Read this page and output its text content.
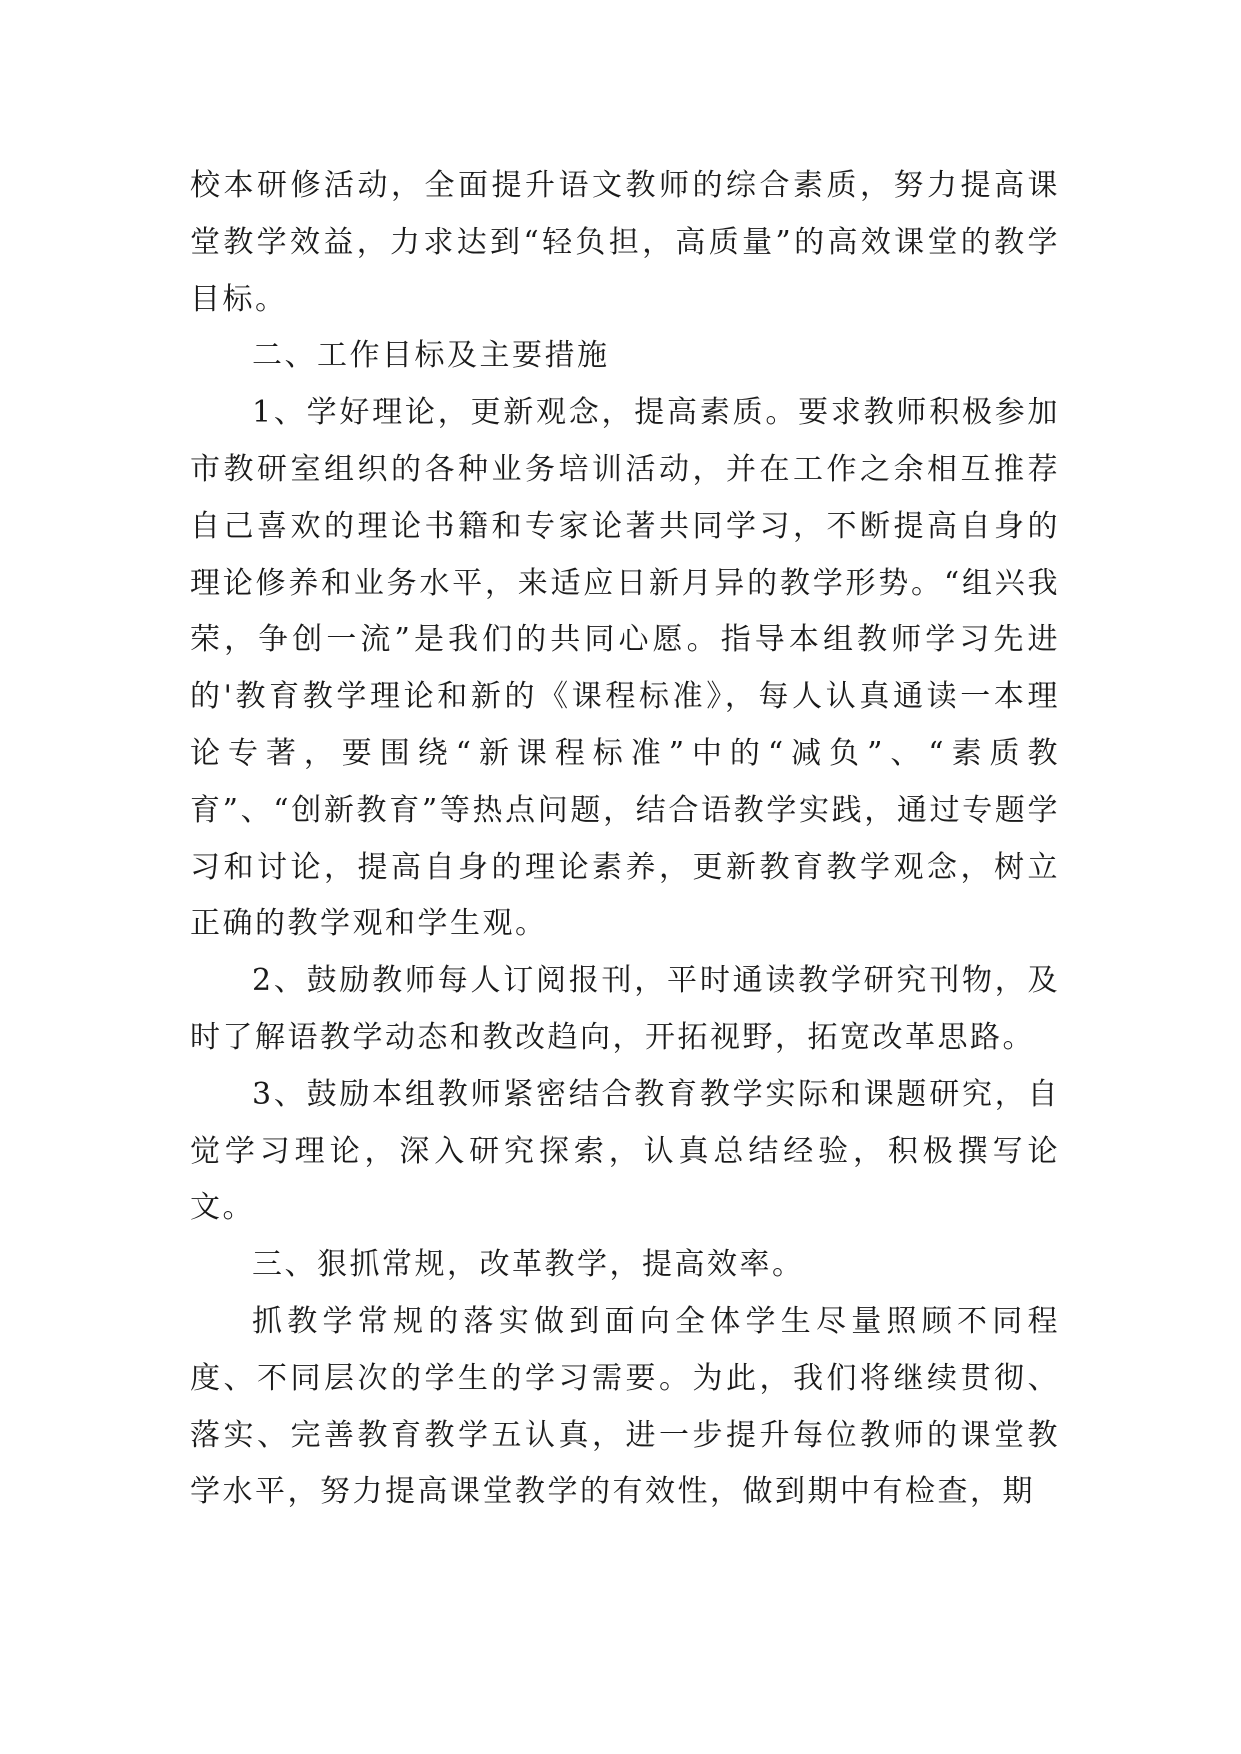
校本研修活动，全面提升语文教师的综合素质，努力提高课堂教学效益，力求达到“轻负担，高质量”的高效课堂的教学目标。

二、工作目标及主要措施

1、学好理论，更新观念，提高素质。要求教师积极参加市教研室组织的各种业务培训活动，并在工作之余相互推荐自己喜欢的理论书籍和专家论著共同学习，不断提高自身的理论修养和业务水平，来适应日新月异的教学形势。“组兴我荣，争创一流”是我们的共同心愿。指导本组教师学习先进的'教育教学理论和新的《课程标准》，每人认真通读一本理论专著，要围绕“新课程标准”中的“减负”、“素质教育”、“创新教育”等热点问题，结合语教学实践，通过专题学习和讨论，提高自身的理论素养，更新教育教学观念，树立正确的教学观和学生观。

2、鼓励教师每人订阅报刊，平时通读教学研究刊物，及时了解语教学动态和教改趋向，开拓视野，拓宽改革思路。

3、鼓励本组教师紧密结合教育教学实际和课题研究，自觉学习理论，深入研究探索，认真总结经验，积极撰写论文。

三、狠抓常规，改革教学，提高效率。

抓教学常规的落实做到面向全体学生尽量照顾不同程度、不同层次的学生的学习需要。为此，我们将继续贯彻、落实、完善教育教学五认真，进一步提升每位教师的课堂教学水平，努力提高课堂教学的有效性，做到期中有检查，期
